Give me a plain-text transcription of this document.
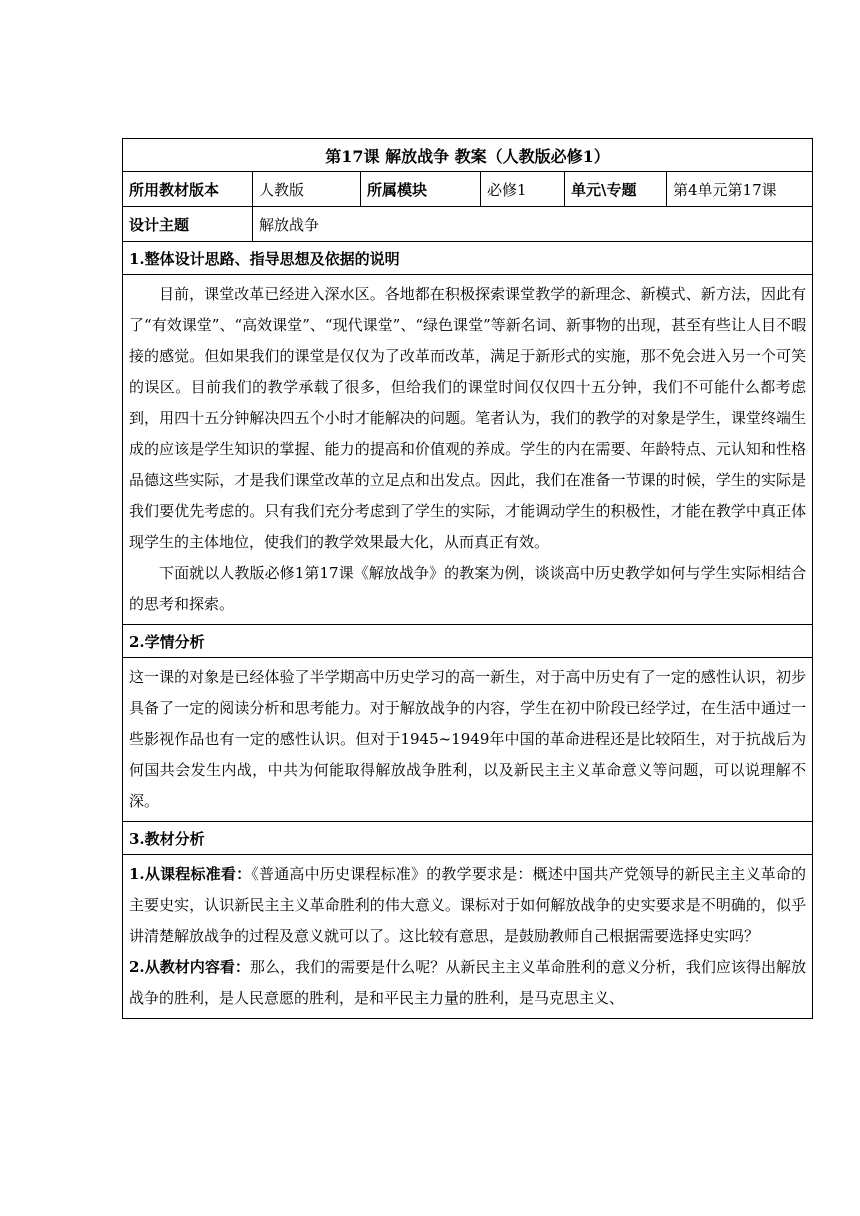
第17课 解放战争 教案（人教版必修1）					
所用教材版本	人教版	所属模块	必修1	单元\专题	第4单元第17课
设计主题	解放战争				
1.整体设计思路、指导思想及依据的说明					

目前，课堂改革已经进入深水区。各地都在积极探索课堂教学的新理念、新模式、新方法，因此有了“有效课堂”、“高效课堂”、“现代课堂”、“绿色课堂”等新名词、新事物的出现，甚至有些让人目不暇接的感觉。但如果我们的课堂是仅仅为了改革而改革，满足于新形式的实施，那不免会进入另一个可笑的误区。目前我们的教学承载了很多，但给我们的课堂时间仅仅四十五分钟，我们不可能什么都考虑到，用四十五分钟解决四五个小时才能解决的问题。笔者认为，我们的教学的对象是学生，课堂终端生成的应该是学生知识的掌握、能力的提高和价值观的养成。学生的内在需要、年龄特点、元认知和性格品德这些实际，才是我们课堂改革的立足点和出发点。因此，我们在准备一节课的时候，学生的实际是我们要优先考虑的。只有我们充分考虑到了学生的实际，才能调动学生的积极性，才能在教学中真正体现学生的主体地位，使我们的教学效果最大化，从而真正有效。

下面就以人教版必修1第17课《解放战争》的教案为例，谈谈高中历史教学如何与学生实际相结合的思考和探索。					

2.学情分析					

这一课的对象是已经体验了半学期高中历史学习的高一新生，对于高中历史有了一定的感性认识，初步具备了一定的阅读分析和思考能力。对于解放战争的内容，学生在初中阶段已经学过，在生活中通过一些影视作品也有一定的感性认识。但对于1945~1949年中国的革命进程还是比较陌生，对于抗战后为何国共会发生内战，中共为何能取得解放战争胜利，以及新民主主义革命意义等问题，可以说理解不深。					

3.教材分析					

1.从课程标准看：《普通高中历史课程标准》的教学要求是：概述中国共产党领导的新民主主义革命的主要史实，认识新民主主义革命胜利的伟大意义。课标对于如何解放战争的史实要求是不明确的，似乎讲清楚解放战争的过程及意义就可以了。这比较有意思，是鼓励教师自己根据需要选择史实吗？

2.从教材内容看：那么，我们的需要是什么呢？从新民主主义革命胜利的意义分析，我们应该得出解放战争的胜利，是人民意愿的胜利，是和平民主力量的胜利，是马克思主义、					
